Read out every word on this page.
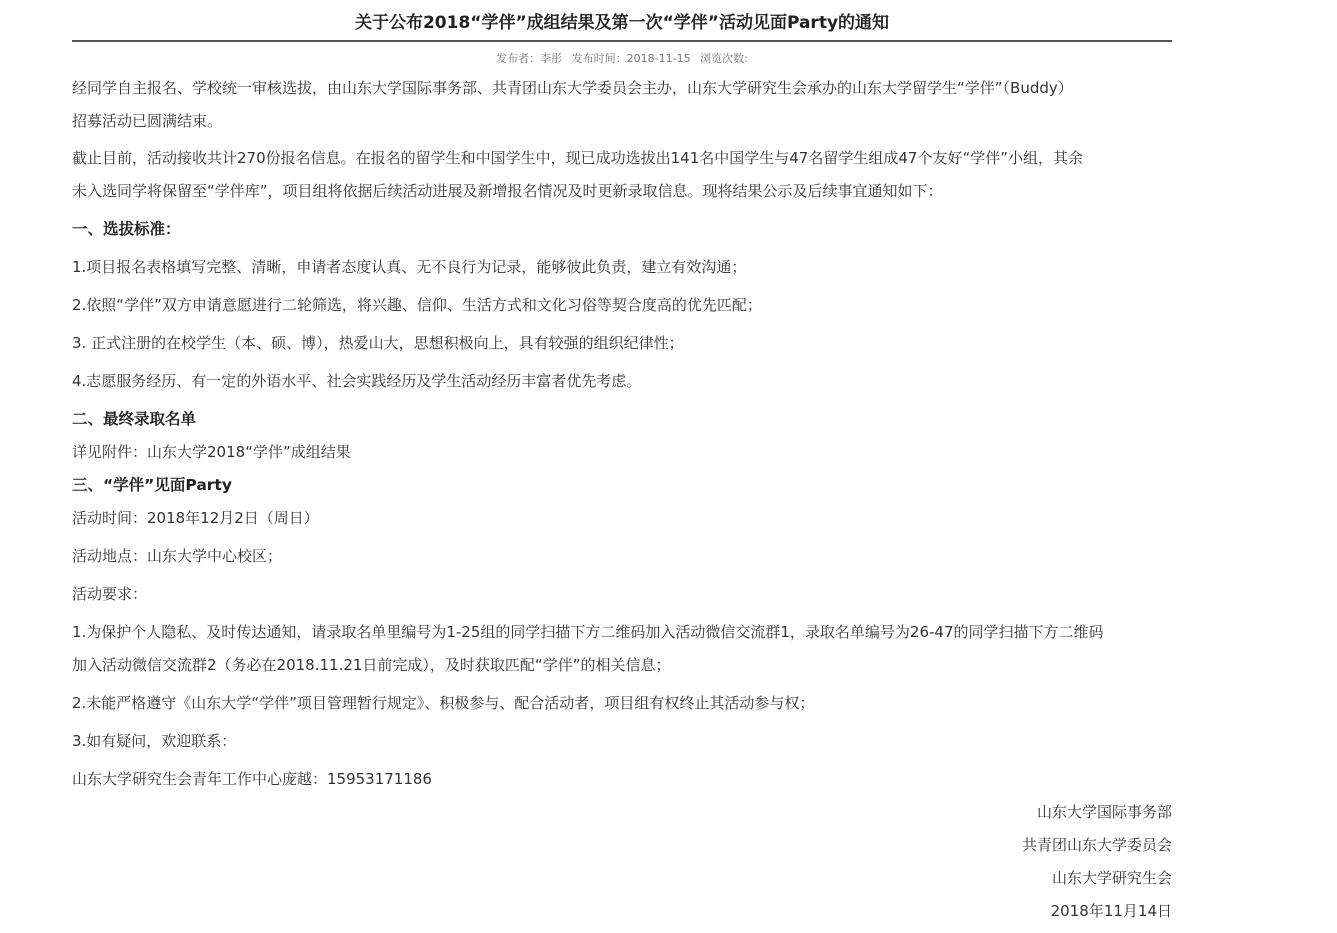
关于公布2018“学伴”成组结果及第一次“学伴”活动见面Party的通知
发布者：李彤 发布时间：2018-11-15 浏览次数:

经同学自主报名、学校统一审核选拔，由山东大学国际事务部、共青团山东大学委员会主办，山东大学研究生会承办的山东大学留学生“学伴”（Buddy）
招募活动已圆满结束。

截止目前，活动接收共计270份报名信息。在报名的留学生和中国学生中，现已成功选拔出141名中国学生与47名留学生组成47个友好“学伴”小组，其余
未入选同学将保留至“学伴库”，项目组将依据后续活动进展及新增报名情况及时更新录取信息。现将结果公示及后续事宜通知如下：

一、选拔标准：

1.项目报名表格填写完整、清晰，申请者态度认真、无不良行为记录，能够彼此负责，建立有效沟通；

2.依照“学伴”双方申请意愿进行二轮筛选，将兴趣、信仰、生活方式和文化习俗等契合度高的优先匹配；

3. 正式注册的在校学生（本、硕、博），热爱山大，思想积极向上，具有较强的组织纪律性；

4.志愿服务经历、有一定的外语水平、社会实践经历及学生活动经历丰富者优先考虑。

二、最终录取名单

详见附件：山东大学2018“学伴”成组结果

三、“学伴”见面Party

活动时间：2018年12月2日（周日）

活动地点：山东大学中心校区；

活动要求：

1.为保护个人隐私、及时传达通知，请录取名单里编号为1-25组的同学扫描下方二维码加入活动微信交流群1，录取名单编号为26-47的同学扫描下方二维码
加入活动微信交流群2（务必在2018.11.21日前完成），及时获取匹配“学伴”的相关信息；

2.未能严格遵守《山东大学“学伴”项目管理暂行规定》、积极参与、配合活动者，项目组有权终止其活动参与权；

3.如有疑问，欢迎联系：

山东大学研究生会青年工作中心庞越：15953171186

山东大学国际事务部

共青团山东大学委员会

山东大学研究生会

2018年11月14日
